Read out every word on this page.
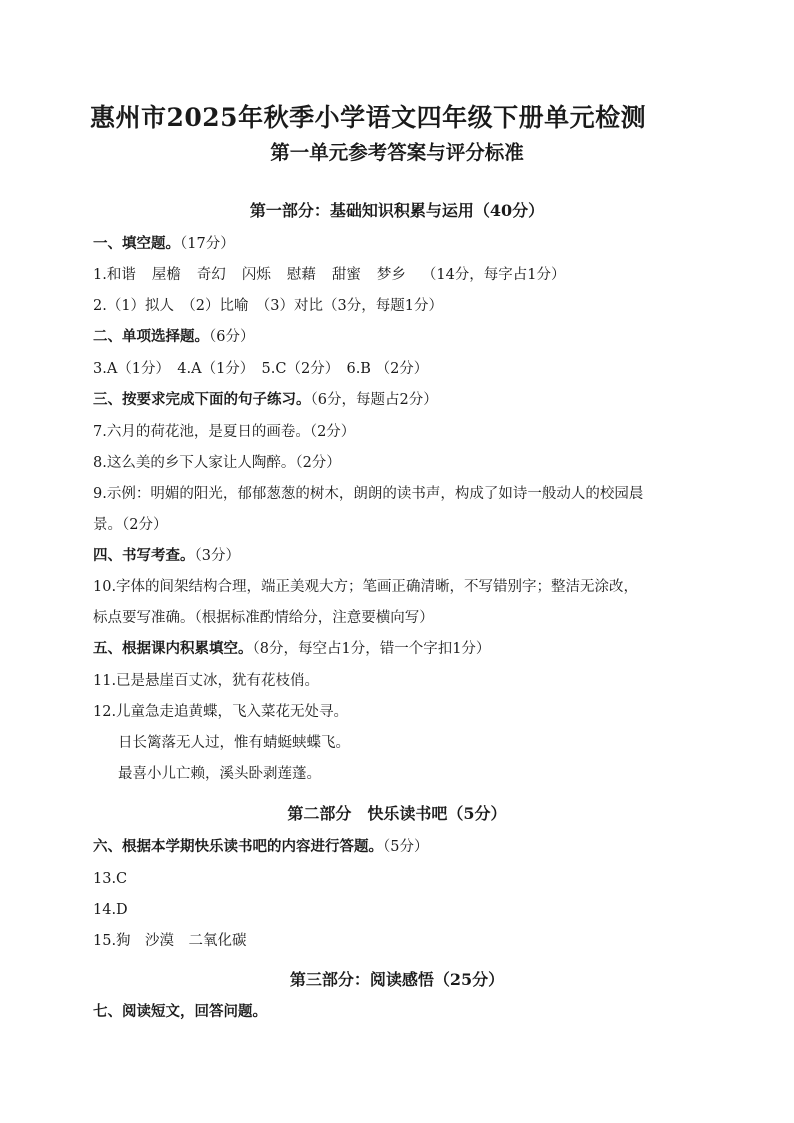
惠州市2025年秋季小学语文四年级下册单元检测
第一单元参考答案与评分标准
第一部分：基础知识积累与运用（40分）
一、填空题。（17分）
1.和谐 屋檐 奇幻 闪烁 慰藉 甜蜜 梦乡 （14分，每字占1分）
2.（1）拟人　（2）比喻　（3）对比（3分，每题1分）
二、单项选择题。（6分）
3.A（1分）　4.A（1分）　5.C（2分）　6.B （2分）
三、按要求完成下面的句子练习。（6分，每题占2分）
7.六月的荷花池，是夏日的画卷。（2分）
8.这么美的乡下人家让人陶醉。（2分）
9.示例：明媚的阳光，郁郁葱葱的树木，朗朗的读书声，构成了如诗一般动人的校园晨
景。（2分）
四、书写考查。（3分）
10.字体的间架结构合理，端正美观大方；笔画正确清晰，不写错别字；整洁无涂改，
标点要写准确。（根据标准酌情给分，注意要横向写）
五、根据课内积累填空。（8分，每空占1分，错一个字扣1分）
11.已是悬崖百丈冰，犹有花枝俏。
12.儿童急走追黄蝶，飞入菜花无处寻。
日长篱落无人过，惟有蜻蜓蛱蝶飞。
最喜小儿亡赖，溪头卧剥莲蓬。
第二部分　快乐读书吧（5分）
六、根据本学期快乐读书吧的内容进行答题。（5分）
13.C
14.D
15.狗　沙漠　二氧化碳
第三部分：阅读感悟（25分）
七、阅读短文，回答问题。
